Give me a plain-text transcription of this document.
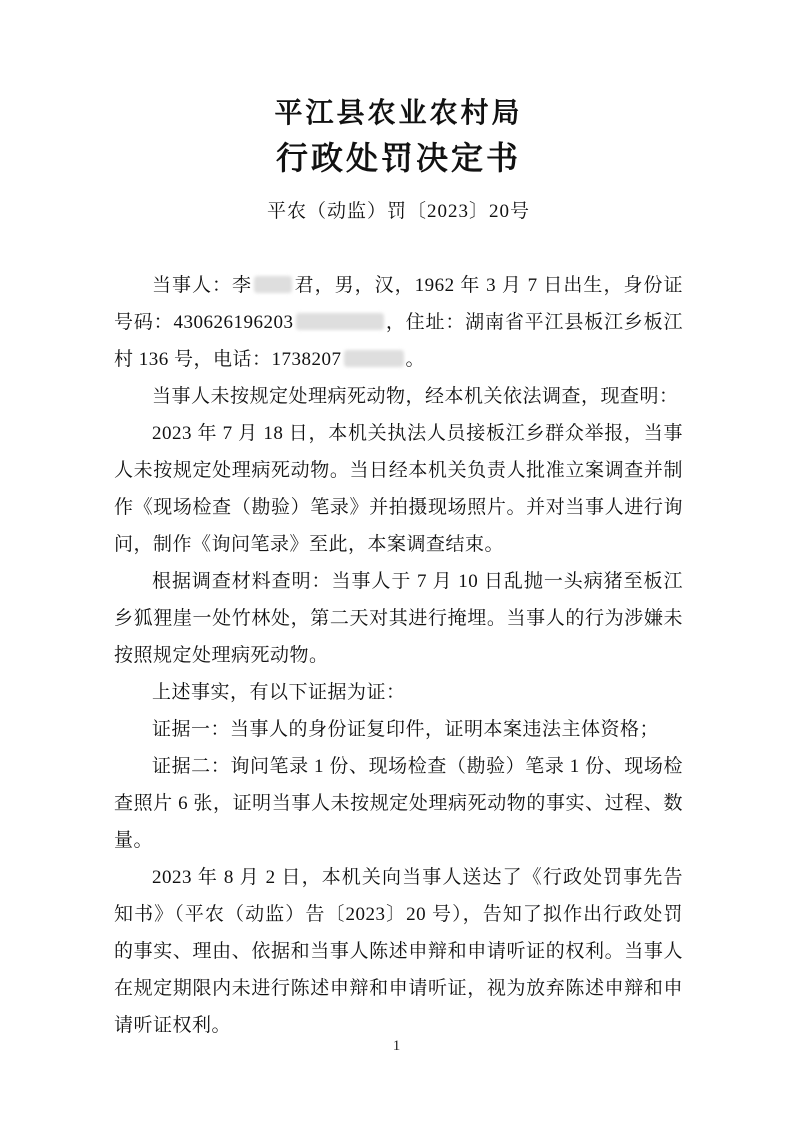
平江县农业农村局
行政处罚决定书
平农（动监）罚〔2023〕20号

当事人：李 君，男，汉，1962 年 3 月 7 日出生，身份证号码：430626196203	，住址：湖南省平江县板江乡板江村 136 号，电话：1738207	。

当事人未按规定处理病死动物，经本机关依法调查，现查明：

2023 年 7 月 18 日，本机关执法人员接板江乡群众举报，当事人未按规定处理病死动物。当日经本机关负责人批准立案调查并制作《现场检查（勘验）笔录》并拍摄现场照片。并对当事人进行询问，制作《询问笔录》至此，本案调查结束。

根据调查材料查明：当事人于 7 月 10 日乱抛一头病猪至板江乡狐狸崖一处竹林处，第二天对其进行掩埋。当事人的行为涉嫌未按照规定处理病死动物。

上述事实，有以下证据为证：

证据一：当事人的身份证复印件，证明本案违法主体资格；

证据二：询问笔录 1 份、现场检查（勘验）笔录 1 份、现场检查照片 6 张，证明当事人未按规定处理病死动物的事实、过程、数量。

2023 年 8 月 2 日，本机关向当事人送达了《行政处罚事先告知书》（平农（动监）告〔2023〕20 号），告知了拟作出行政处罚的事实、理由、依据和当事人陈述申辩和申请听证的权利。当事人在规定期限内未进行陈述申辩和申请听证，视为放弃陈述申辩和申请听证权利。

1
